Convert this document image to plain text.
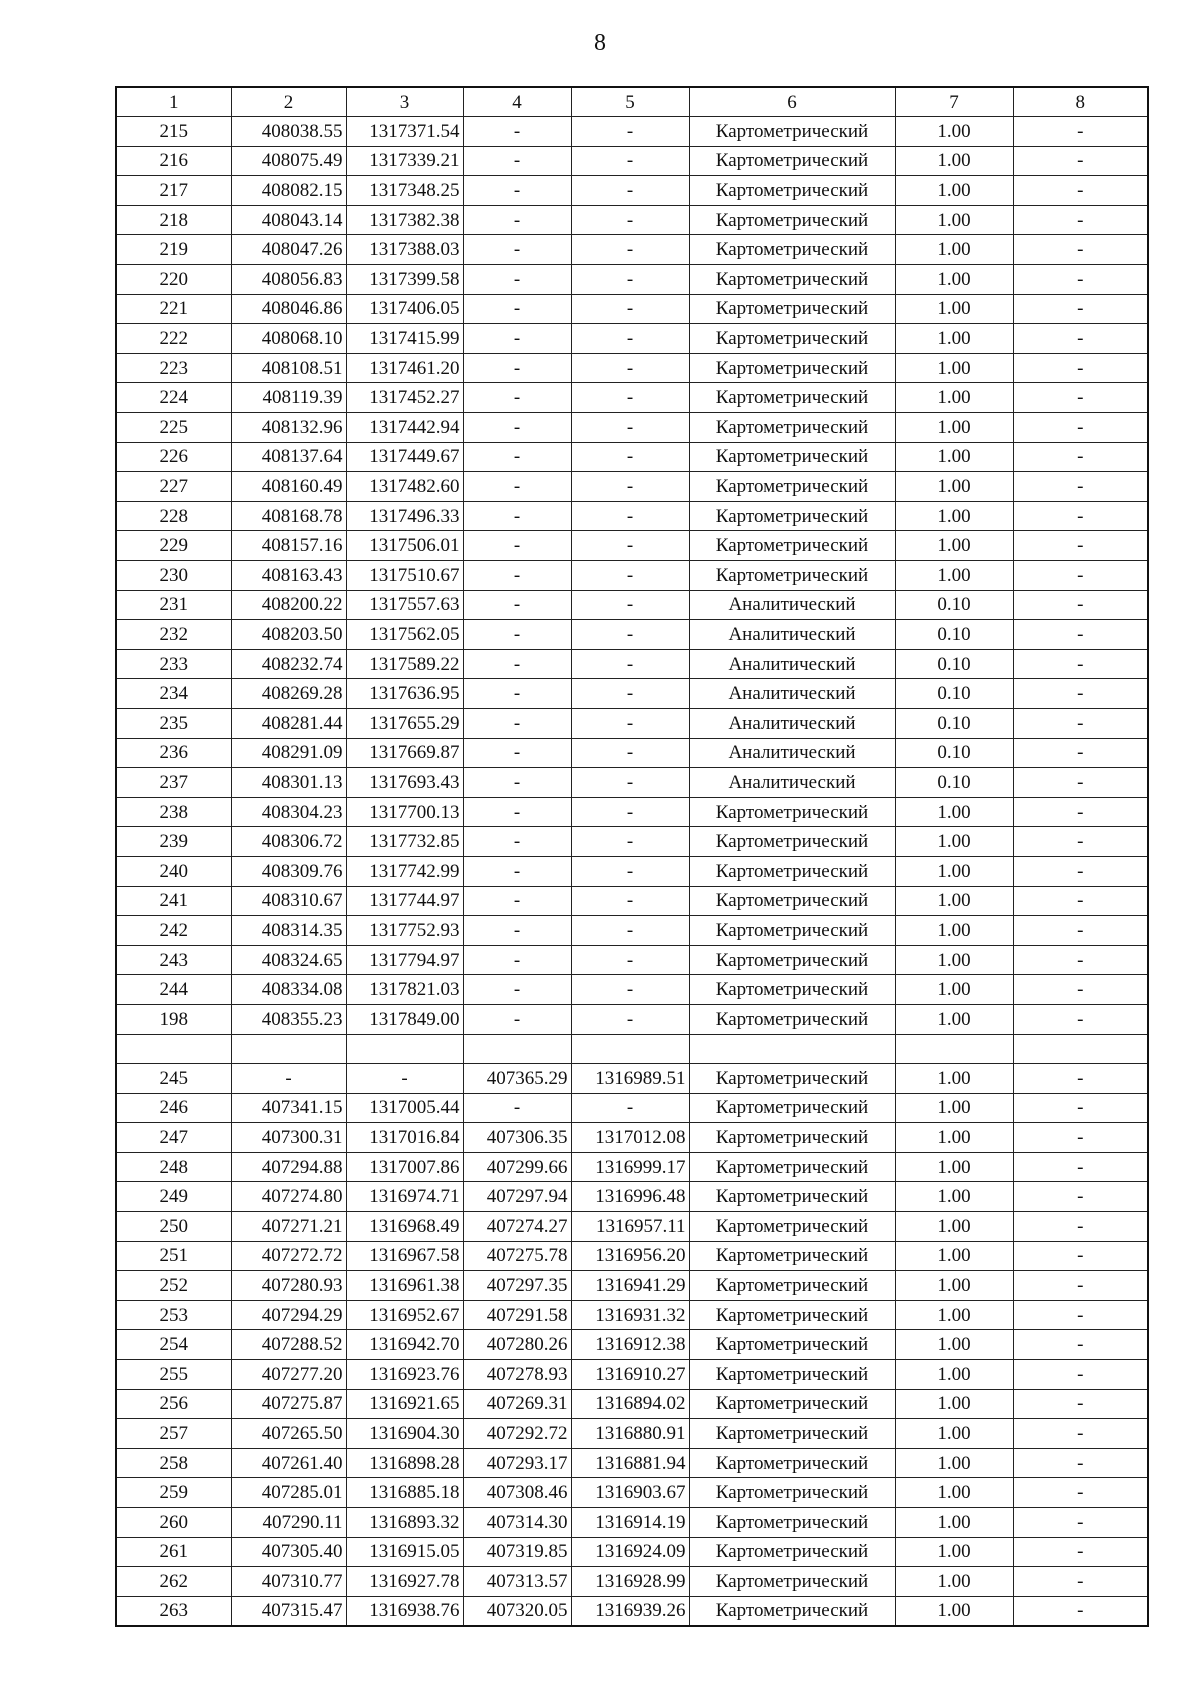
8
1	2	3	4	5	6	7	8
215	408038.55	1317371.54	-	-	Картометрический	1.00	-
216	408075.49	1317339.21	-	-	Картометрический	1.00	-
217	408082.15	1317348.25	-	-	Картометрический	1.00	-
218	408043.14	1317382.38	-	-	Картометрический	1.00	-
219	408047.26	1317388.03	-	-	Картометрический	1.00	-
220	408056.83	1317399.58	-	-	Картометрический	1.00	-
221	408046.86	1317406.05	-	-	Картометрический	1.00	-
222	408068.10	1317415.99	-	-	Картометрический	1.00	-
223	408108.51	1317461.20	-	-	Картометрический	1.00	-
224	408119.39	1317452.27	-	-	Картометрический	1.00	-
225	408132.96	1317442.94	-	-	Картометрический	1.00	-
226	408137.64	1317449.67	-	-	Картометрический	1.00	-
227	408160.49	1317482.60	-	-	Картометрический	1.00	-
228	408168.78	1317496.33	-	-	Картометрический	1.00	-
229	408157.16	1317506.01	-	-	Картометрический	1.00	-
230	408163.43	1317510.67	-	-	Картометрический	1.00	-
231	408200.22	1317557.63	-	-	Аналитический	0.10	-
232	408203.50	1317562.05	-	-	Аналитический	0.10	-
233	408232.74	1317589.22	-	-	Аналитический	0.10	-
234	408269.28	1317636.95	-	-	Аналитический	0.10	-
235	408281.44	1317655.29	-	-	Аналитический	0.10	-
236	408291.09	1317669.87	-	-	Аналитический	0.10	-
237	408301.13	1317693.43	-	-	Аналитический	0.10	-
238	408304.23	1317700.13	-	-	Картометрический	1.00	-
239	408306.72	1317732.85	-	-	Картометрический	1.00	-
240	408309.76	1317742.99	-	-	Картометрический	1.00	-
241	408310.67	1317744.97	-	-	Картометрический	1.00	-
242	408314.35	1317752.93	-	-	Картометрический	1.00	-
243	408324.65	1317794.97	-	-	Картометрический	1.00	-
244	408334.08	1317821.03	-	-	Картометрический	1.00	-
198	408355.23	1317849.00	-	-	Картометрический	1.00	-

245	-	-	407365.29	1316989.51	Картометрический	1.00	-
246	407341.15	1317005.44	-	-	Картометрический	1.00	-
247	407300.31	1317016.84	407306.35	1317012.08	Картометрический	1.00	-
248	407294.88	1317007.86	407299.66	1316999.17	Картометрический	1.00	-
249	407274.80	1316974.71	407297.94	1316996.48	Картометрический	1.00	-
250	407271.21	1316968.49	407274.27	1316957.11	Картометрический	1.00	-
251	407272.72	1316967.58	407275.78	1316956.20	Картометрический	1.00	-
252	407280.93	1316961.38	407297.35	1316941.29	Картометрический	1.00	-
253	407294.29	1316952.67	407291.58	1316931.32	Картометрический	1.00	-
254	407288.52	1316942.70	407280.26	1316912.38	Картометрический	1.00	-
255	407277.20	1316923.76	407278.93	1316910.27	Картометрический	1.00	-
256	407275.87	1316921.65	407269.31	1316894.02	Картометрический	1.00	-
257	407265.50	1316904.30	407292.72	1316880.91	Картометрический	1.00	-
258	407261.40	1316898.28	407293.17	1316881.94	Картометрический	1.00	-
259	407285.01	1316885.18	407308.46	1316903.67	Картометрический	1.00	-
260	407290.11	1316893.32	407314.30	1316914.19	Картометрический	1.00	-
261	407305.40	1316915.05	407319.85	1316924.09	Картометрический	1.00	-
262	407310.77	1316927.78	407313.57	1316928.99	Картометрический	1.00	-
263	407315.47	1316938.76	407320.05	1316939.26	Картометрический	1.00	-
